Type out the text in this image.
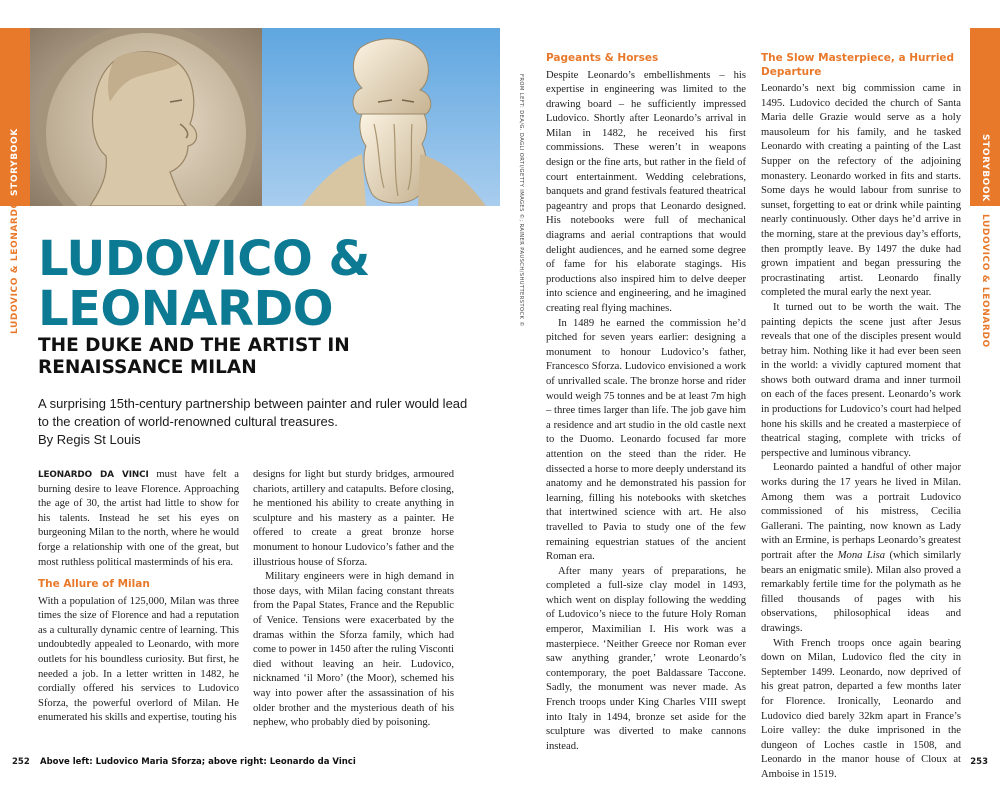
STORYBOOK
LUDOVICO & LEONARDO LUDOVICO &
LEONARDO
THE DUKE AND THE ARTIST IN
RENAISSANCE MILAN
A surprising 15th-century partnership between painter and ruler would lead to the creation of world-renowned cultural treasures.
By Regis St Louis

LEONARDO DA VINCI must have felt a burning desire to leave Florence. Approaching the age of 30, the artist had little to show for his talents. Instead he set his eyes on burgeoning Milan to the north, where he would forge a relationship with one of the great, but most ruthless political masterminds of his era.

The Allure of Milan

With a population of 125,000, Milan was three times the size of Florence and had a reputation as a culturally dynamic centre of learning. This undoubtedly appealed to Leonardo, with more outlets for his boundless curiosity. But first, he needed a job. In a letter written in 1482, he cordially offered his services to Ludovico Sforza, the powerful overlord of Milan. He enumerated his skills and expertise, touting his

designs for light but sturdy bridges, armoured chariots, artillery and catapults. Before closing, he mentioned his ability to create anything in sculpture and his mastery as a painter. He offered to create a great bronze horse monument to honour Ludovico’s father and the illustrious house of Sforza.

Military engineers were in high demand in those days, with Milan facing constant threats from the Papal States, France and the Republic of Venice. Tensions were exacerbated by the dramas within the Sforza family, which had come to power in 1450 after the ruling Visconti died without leaving an heir. Ludovico, nicknamed ‘il Moro’ (the Moor), schemed his way into power after the assassination of his older brother and the mysterious death of his nephew, who probably died by poisoning.

252 Above left: Ludovico Maria Sforza; above right: Leonardo da Vinci
STORYBOOK
LUDOVICO & LEONARDO
253
FROM LEFT: DEA/G. DAGLI ORTI/GETTY IMAGES ©; RAINER PAUSCH/SHUTTERSTOCK ©
Pageants & Horses

Despite Leonardo’s embellishments – his expertise in engineering was limited to the drawing board – he sufficiently impressed Ludovico. Shortly after Leonardo’s arrival in Milan in 1482, he received his first commissions. These weren’t in weapons design or the fine arts, but rather in the field of court entertainment. Wedding celebrations, banquets and grand festivals featured theatrical pageantry and props that Leonardo designed. His notebooks were full of mechanical diagrams and aerial contraptions that would delight audiences, and he earned some degree of fame for his elaborate stagings. His productions also inspired him to delve deeper into science and engineering, and he imagined creating real flying machines.

In 1489 he earned the commission he’d pitched for seven years earlier: designing a monument to honour Ludovico’s father, Francesco Sforza. Ludovico envisioned a work of unrivalled scale. The bronze horse and rider would weigh 75 tonnes and be at least 7m high – three times larger than life. The job gave him a residence and art studio in the old castle next to the Duomo. Leonardo focused far more attention on the steed than the rider. He dissected a horse to more deeply understand its anatomy and he demonstrated his passion for learning, filling his notebooks with sketches that intertwined science with art. He also travelled to Pavia to study one of the few remaining equestrian statues of the ancient Roman era.

After many years of preparations, he completed a full-size clay model in 1493, which went on display following the wedding of Ludovico’s niece to the future Holy Roman emperor, Maximilian I. His work was a masterpiece. ‘Neither Greece nor Roman ever saw anything grander,’ wrote Leonardo’s contemporary, the poet Baldassare Taccone. Sadly, the monument was never made. As French troops under King Charles VIII swept into Italy in 1494, bronze set aside for the sculpture was diverted to make cannons instead.

The Slow Masterpiece, a Hurried Departure

Leonardo’s next big commission came in 1495. Ludovico decided the church of Santa Maria delle Grazie would serve as a holy mausoleum for his family, and he tasked Leonardo with creating a painting of the Last Supper on the refectory of the adjoining monastery. Leonardo worked in fits and starts. Some days he would labour from sunrise to sunset, forgetting to eat or drink while painting nearly continuously. Other days he’d arrive in the morning, stare at the previous day’s efforts, then promptly leave. By 1497 the duke had grown impatient and began pressuring the procrastinating artist. Leonardo finally completed the mural early the next year.

It turned out to be worth the wait. The painting depicts the scene just after Jesus reveals that one of the disciples present would betray him. Nothing like it had ever been seen in the world: a vividly captured moment that shows both outward drama and inner turmoil on each of the faces present. Leonardo’s work in productions for Ludovico’s court had helped hone his skills and he created a masterpiece of theatrical staging, complete with tricks of perspective and luminous vibrancy.

Leonardo painted a handful of other major works during the 17 years he lived in Milan. Among them was a portrait Ludovico commissioned of his mistress, Cecilia Gallerani. The painting, now known as Lady with an Ermine, is perhaps Leonardo’s greatest portrait after the Mona Lisa (which similarly bears an enigmatic smile). Milan also proved a remarkably fertile time for the polymath as he filled thousands of pages with his observations, philosophical ideas and drawings.

With French troops once again bearing down on Milan, Ludovico fled the city in September 1499. Leonardo, now deprived of his great patron, departed a few months later for Florence. Ironically, Leonardo and Ludovico died barely 32km apart in France’s Loire valley: the duke imprisoned in the dungeon of Loches castle in 1508, and Leonardo in the manor house of Cloux at Amboise in 1519.
